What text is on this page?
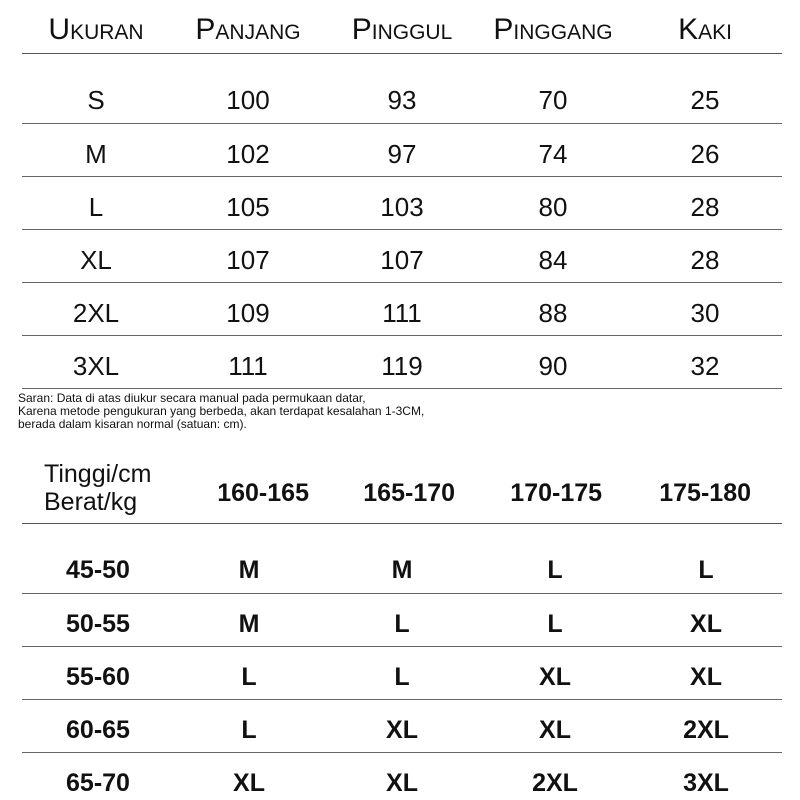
Ukuran	Panjang	Pinggul	Pinggang	Kaki
S	100	93	70	25
M	102	97	74	26
L	105	103	80	28
XL	107	107	84	28
2XL	109	111	88	30
3XL	111	119	90	32
Saran: Data di atas diukur secara manual pada permukaan datar,
Karena metode pengukuran yang berbeda, akan terdapat kesalahan 1-3CM,
berada dalam kisaran normal (satuan: cm).
Tinggi/cm
Berat/kg	160-165	165-170	170-175	175-180
45-50	M	M	L	L
50-55	M	L	L	XL
55-60	L	L	XL	XL
60-65	L	XL	XL	2XL
65-70	XL	XL	2XL	3XL
